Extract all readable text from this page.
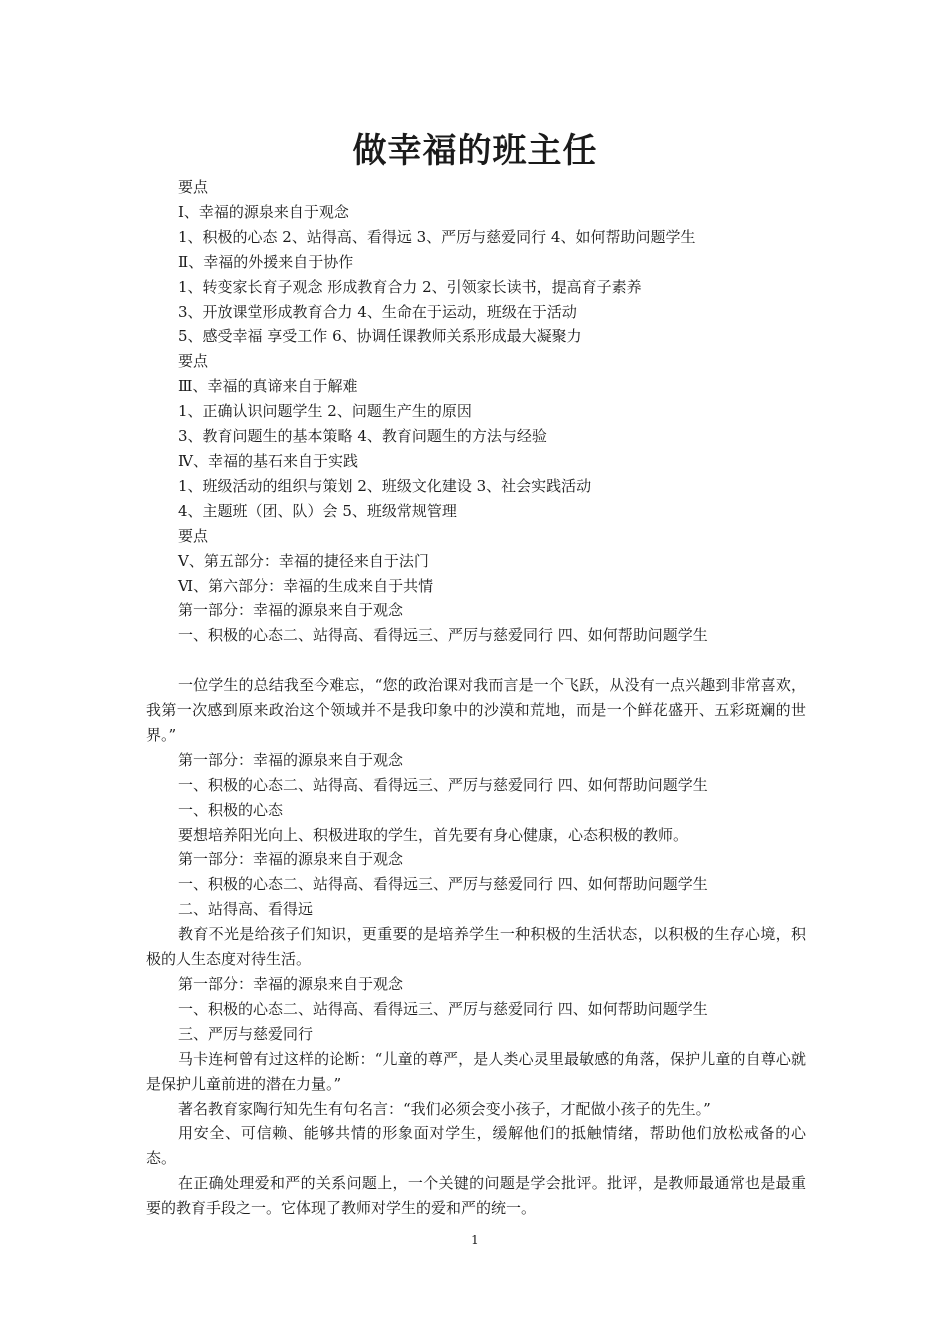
做幸福的班主任

要点

Ⅰ、幸福的源泉来自于观念

1、积极的心态 2、站得高、看得远 3、严厉与慈爱同行 4、如何帮助问题学生

Ⅱ、幸福的外援来自于协作

1、转变家长育子观念 形成教育合力 2、引领家长读书，提高育子素养

3、开放课堂形成教育合力 4、生命在于运动，班级在于活动

5、感受幸福 享受工作 6、协调任课教师关系形成最大凝聚力

要点

Ⅲ、幸福的真谛来自于解难

1、正确认识问题学生 2、问题生产生的原因

3、教育问题生的基本策略 4、教育问题生的方法与经验

Ⅳ、幸福的基石来自于实践

1、班级活动的组织与策划 2、班级文化建设 3、社会实践活动

4、主题班（团、队）会 5、班级常规管理

要点

Ⅴ、第五部分：幸福的捷径来自于法门

Ⅵ、第六部分：幸福的生成来自于共情

第一部分：幸福的源泉来自于观念

一、积极的心态二、站得高、看得远三、严厉与慈爱同行 四、如何帮助问题学生

一位学生的总结我至今难忘，“您的政治课对我而言是一个飞跃，从没有一点兴趣到非常喜欢，我第一次感到原来政治这个领域并不是我印象中的沙漠和荒地，而是一个鲜花盛开、五彩斑斓的世界。”

第一部分：幸福的源泉来自于观念

一、积极的心态二、站得高、看得远三、严厉与慈爱同行 四、如何帮助问题学生

一、积极的心态

要想培养阳光向上、积极进取的学生，首先要有身心健康，心态积极的教师。

第一部分：幸福的源泉来自于观念

一、积极的心态二、站得高、看得远三、严厉与慈爱同行 四、如何帮助问题学生

二、站得高、看得远

教育不光是给孩子们知识，更重要的是培养学生一种积极的生活状态，以积极的生存心境，积极的人生态度对待生活。

第一部分：幸福的源泉来自于观念

一、积极的心态二、站得高、看得远三、严厉与慈爱同行 四、如何帮助问题学生

三、严厉与慈爱同行

马卡连柯曾有过这样的论断：“儿童的尊严，是人类心灵里最敏感的角落，保护儿童的自尊心就是保护儿童前进的潜在力量。”

著名教育家陶行知先生有句名言：“我们必须会变小孩子，才配做小孩子的先生。”

用安全、可信赖、能够共情的形象面对学生，缓解他们的抵触情绪，帮助他们放松戒备的心态。

在正确处理爱和严的关系问题上，一个关键的问题是学会批评。批评，是教师最通常也是最重要的教育手段之一。它体现了教师对学生的爱和严的统一。

1
